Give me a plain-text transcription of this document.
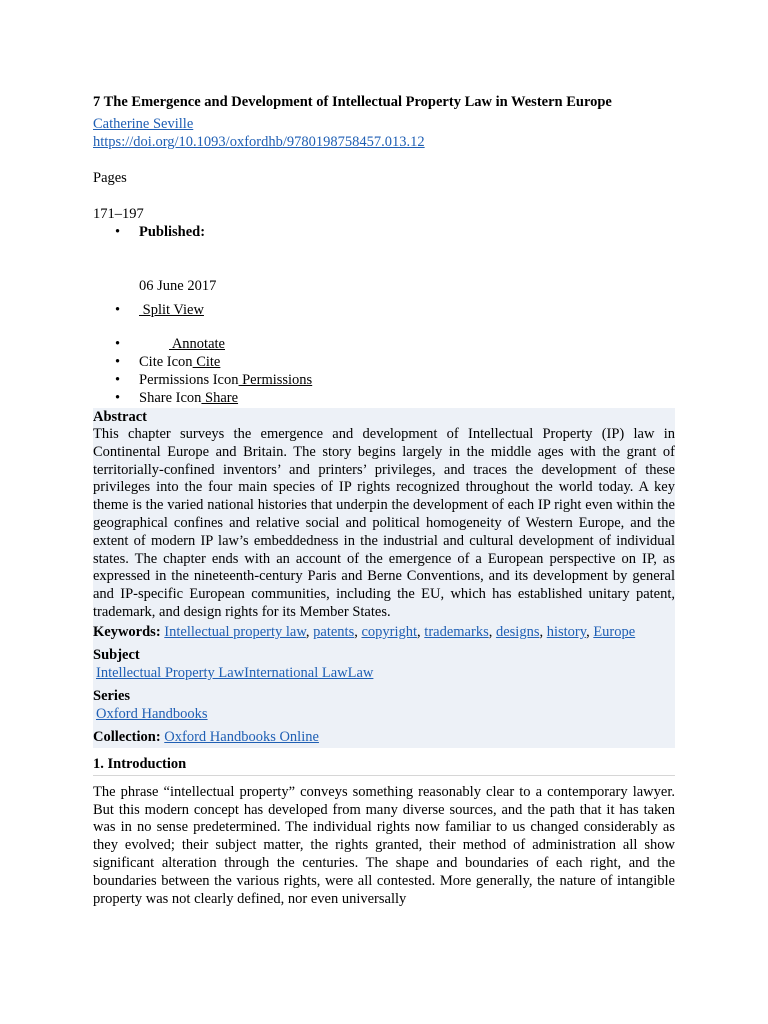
7 The Emergence and Development of Intellectual Property Law in Western Europe
Catherine Seville
https://doi.org/10.1093/oxfordhb/9780198758457.013.12
Pages
171–197
• Published:
06 June 2017
•  Split View
•  Annotate
• Cite Icon Cite
• Permissions Icon Permissions
• Share Icon Share
Abstract

This chapter surveys the emergence and development of Intellectual Property (IP) law in Continental Europe and Britain. The story begins largely in the middle ages with the grant of territorially-confined inventors’ and printers’ privileges, and traces the development of these privileges into the four main species of IP rights recognized throughout the world today. A key theme is the varied national histories that underpin the development of each IP right even within the geographical confines and relative social and political homogeneity of Western Europe, and the extent of modern IP law’s embeddedness in the industrial and cultural development of individual states. The chapter ends with an account of the emergence of a European perspective on IP, as expressed in the nineteenth-century Paris and Berne Conventions, and its development by general and IP-specific European communities, including the EU, which has established unitary patent, trademark, and design rights for its Member States.

Keywords: Intellectual property law, patents, copyright, trademarks, designs, history, Europe
Subject
Intellectual Property LawInternational LawLaw
Series
Oxford Handbooks
Collection: Oxford Handbooks Online
1. Introduction

The phrase “intellectual property” conveys something reasonably clear to a contemporary lawyer. But this modern concept has developed from many diverse sources, and the path that it has taken was in no sense predetermined. The individual rights now familiar to us changed considerably as they evolved; their subject matter, the rights granted, their method of administration all show significant alteration through the centuries. The shape and boundaries of each right, and the boundaries between the various rights, were all contested. More generally, the nature of intangible property was not clearly defined, nor even universally
